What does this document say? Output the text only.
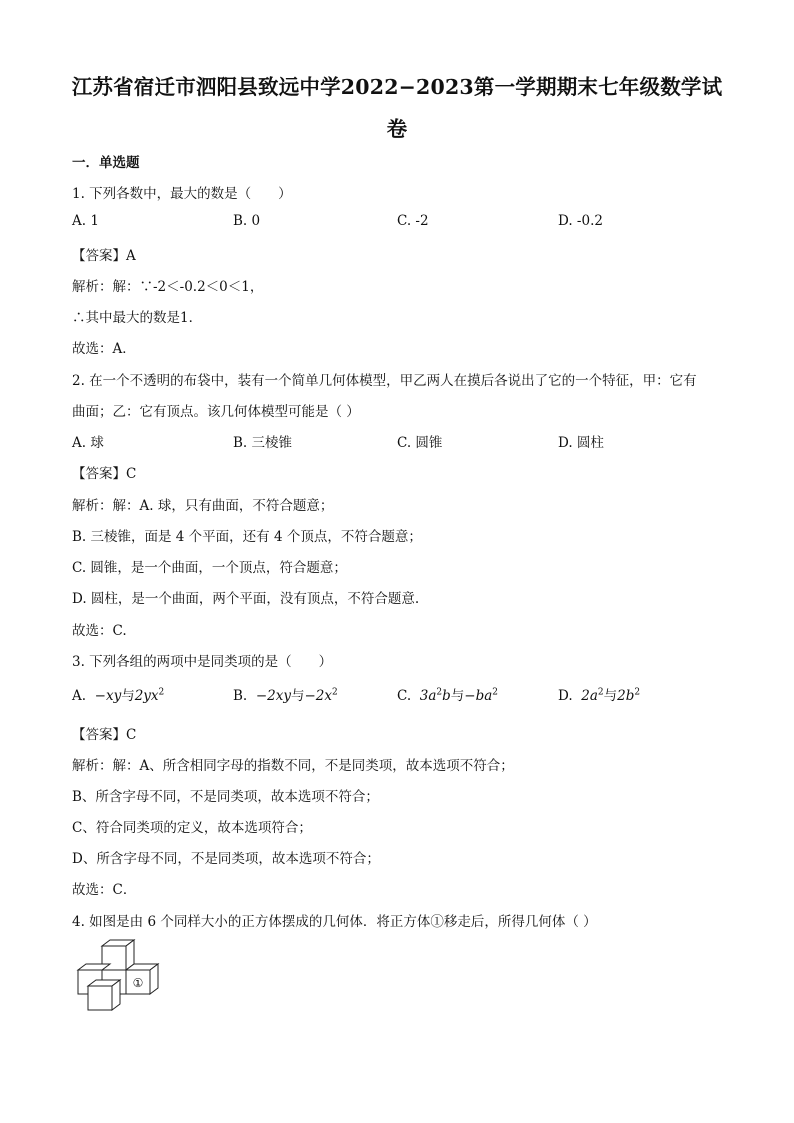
江苏省宿迁市泗阳县致远中学2022−2023第一学期期末七年级数学试
卷
一．单选题
1. 下列各数中，最大的数是（　　）
A. 1	B. 0	C. -2	D. -0.2
【答案】A
解析：解：∵-2＜-0.2＜0＜1，
∴其中最大的数是1．
故选：A．
2. 在一个不透明的布袋中，装有一个简单几何体模型，甲乙两人在摸后各说出了它的一个特征，甲：它有
曲面；乙：它有顶点。该几何体模型可能是（ ）
A. 球	B. 三棱锥	C. 圆锥	D. 圆柱
【答案】C
解析：解：A. 球，只有曲面，不符合题意；
B. 三棱锥，面是 4 个平面，还有 4 个顶点，不符合题意；
C. 圆锥，是一个曲面，一个顶点，符合题意；
D. 圆柱，是一个曲面，两个平面，没有顶点，不符合题意.
故选：C.
3. 下列各组的两项中是同类项的是（　　）
A. −xy与$2yx^2$	B. −2xy与$-2x^2$	C. $3a^2b$与$-ba^2$	D. $2a^2$与$2b^2$
【答案】C
解析：解：A、所含相同字母的指数不同，不是同类项，故本选项不符合；
B、所含字母不同，不是同类项，故本选项不符合；
C、符合同类项的定义，故本选项符合；
D、所含字母不同，不是同类项，故本选项不符合；
故选：C．
4. 如图是由 6 个同样大小的正方体摆成的几何体．将正方体①移走后，所得几何体（ ）
①
